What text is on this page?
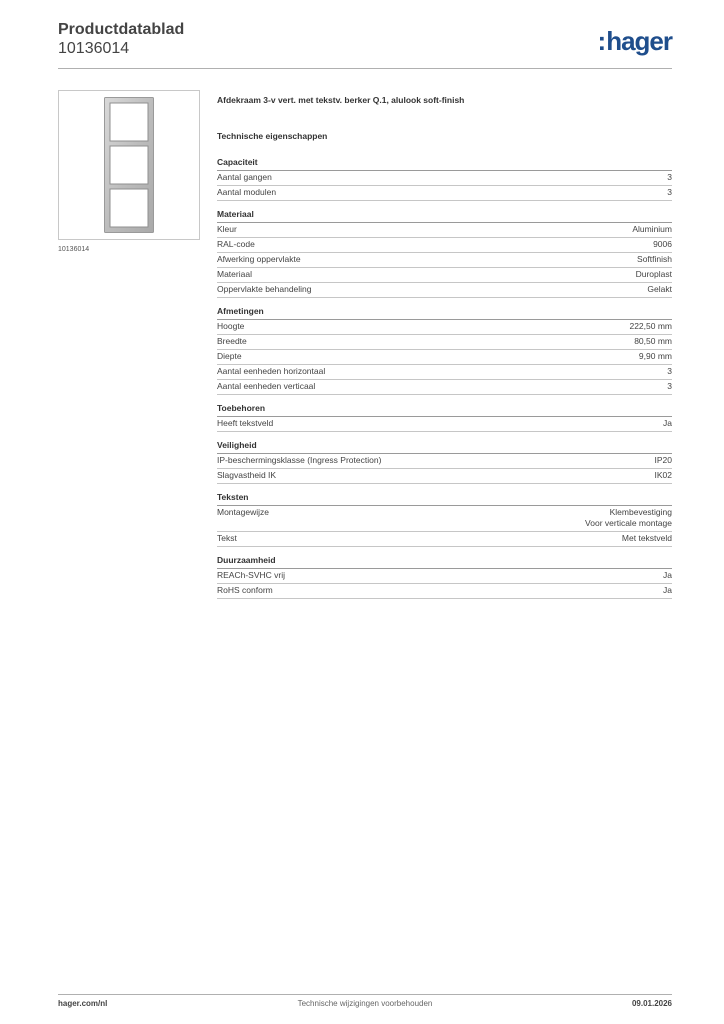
Productdatablad
10136014	:hager
10136014
Afdekraam 3-v vert. met tekstv. berker Q.1, alulook soft-finish
Technische eigenschappen
Capaciteit
Aantal gangen	3
Aantal modulen	3
Materiaal
Kleur	Aluminium
RAL-code	9006
Afwerking oppervlakte	Softfinish
Materiaal	Duroplast
Oppervlakte behandeling	Gelakt
Afmetingen
Hoogte	222,50 mm
Breedte	80,50 mm
Diepte	9,90 mm
Aantal eenheden horizontaal	3
Aantal eenheden verticaal	3
Toebehoren
Heeft tekstveld	Ja
Veiligheid
IP-beschermingsklasse (Ingress Protection)	IP20
Slagvastheid IK	IK02
Teksten
Montagewijze	Klembevestiging
Voor verticale montage
Tekst	Met tekstveld
Duurzaamheid
REACh-SVHC vrij	Ja
RoHS conform	Ja
hager.com/nl	Technische wijzigingen voorbehouden	09.01.2026
